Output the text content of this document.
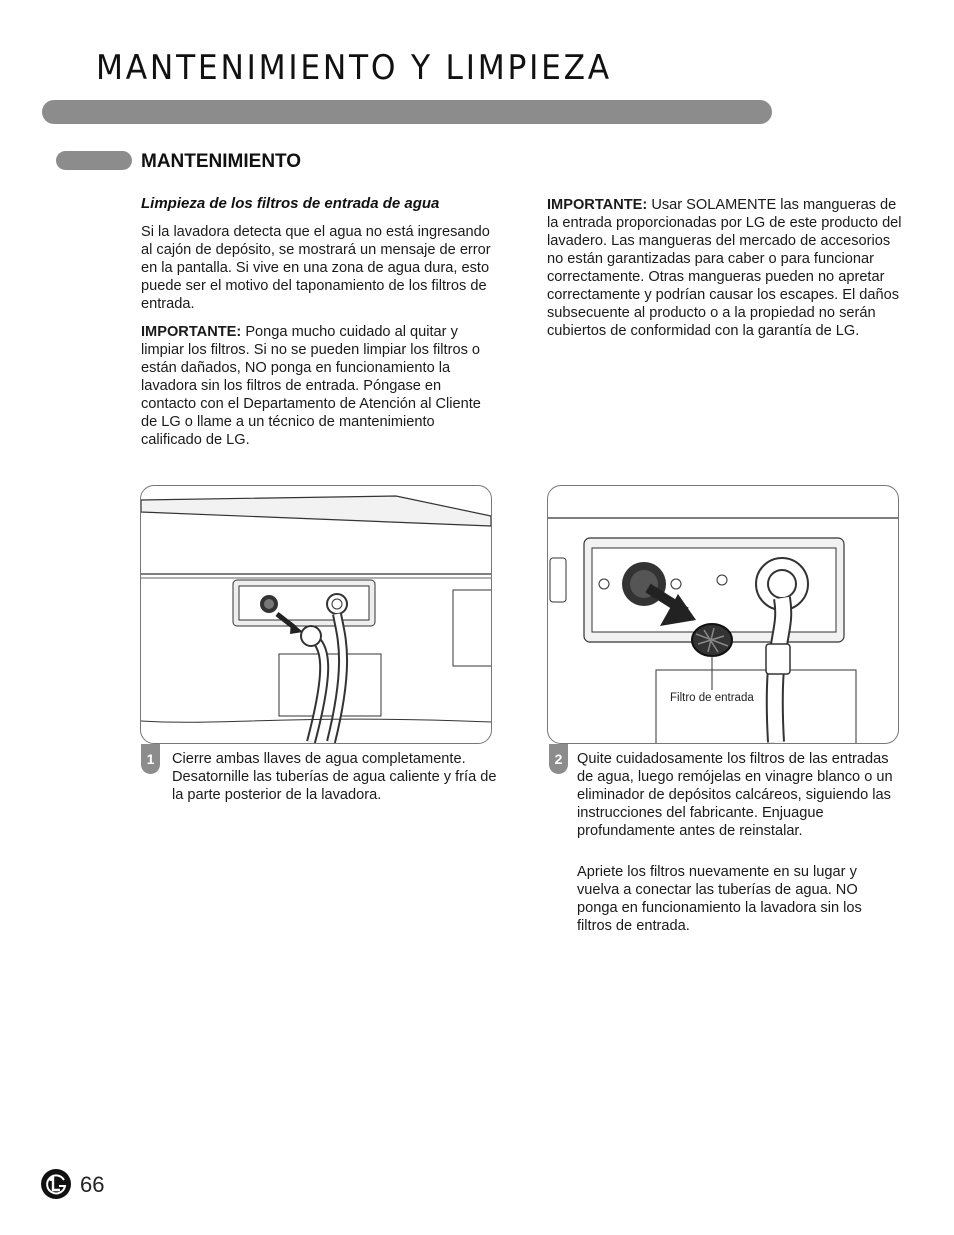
MANTENIMIENTO Y LIMPIEZA
MANTENIMIENTO
Limpieza de los filtros de entrada de agua

Si la lavadora detecta que el agua no está ingresando al cajón de depósito, se mostrará un mensaje de error en la pantalla. Si vive en una zona de agua dura, esto puede ser el motivo del taponamiento de los filtros de entrada.

IMPORTANTE: Ponga mucho cuidado al quitar y limpiar los filtros. Si no se pueden limpiar los filtros o están dañados, NO ponga en funcionamiento la lavadora sin los filtros de entrada. Póngase en contacto con el Departamento de Atención al Cliente de LG o llame a un técnico de mantenimiento calificado de LG.

IMPORTANTE: Usar SOLAMENTE las mangueras de la entrada proporcionadas por LG de este producto del lavadero. Las mangueras del mercado de accesorios no están garantizadas para caber o para funcionar correctamente. Otras mangueras pueden no apretar correctamente y podrían causar los escapes. El daños subsecuente al producto o a la propiedad no serán cubiertos de conformidad con la garantía de LG.

1	Cierre ambas llaves de agua completamente. Desatornille las tuberías de agua caliente y fría de la parte posterior de la lavadora.

Filtro de entrada
2	Quite cuidadosamente los filtros de las entradas de agua, luego remójelas en vinagre blanco o un eliminador de depósitos calcáreos, siguiendo las instrucciones del fabricante. Enjuague profundamente antes de reinstalar.

Apriete los filtros nuevamente en su lugar y vuelva a conectar las tuberías de agua. NO ponga en funcionamiento la lavadora sin los filtros de entrada.

66
